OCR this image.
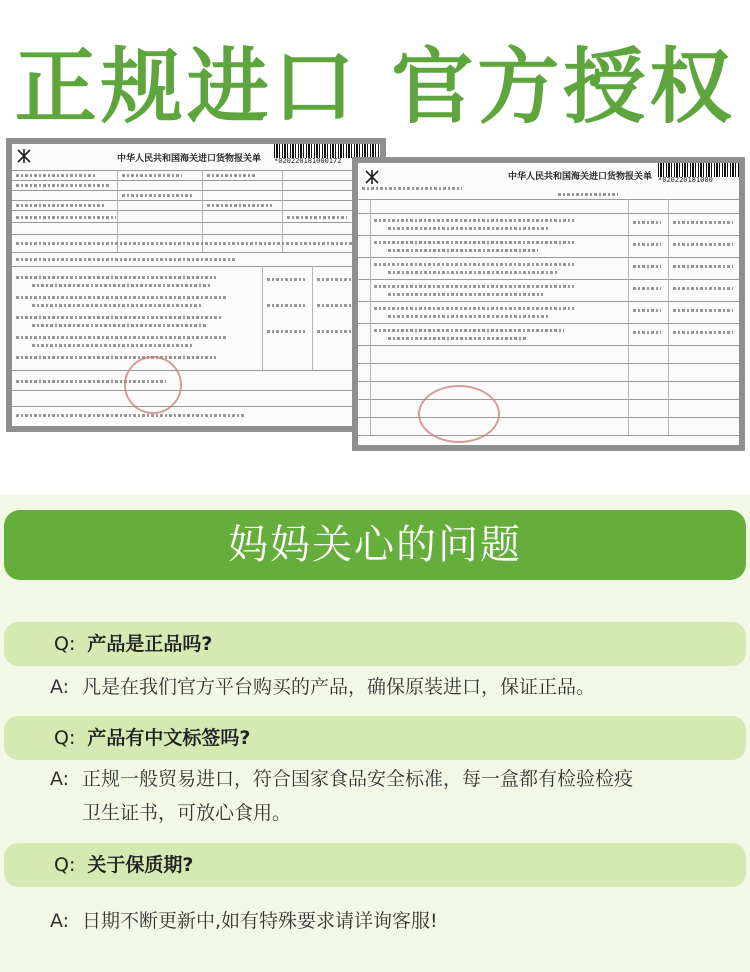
正规进口 官方授权
中华人民共和国海关进口货物报关单 *020220181000172
中华人民共和国海关进口货物报关单 *020220181000
妈妈关心的问题
Q: 产品是正品吗?
A: 凡是在我们官方平台购买的产品，确保原装进口，保证正品。
Q: 产品有中文标签吗?
A: 正规一般贸易进口，符合国家食品安全标准，每一盒都有检验检疫卫生证书，可放心食用。
Q: 关于保质期?
A: 日期不断更新中,如有特殊要求请详询客服!
